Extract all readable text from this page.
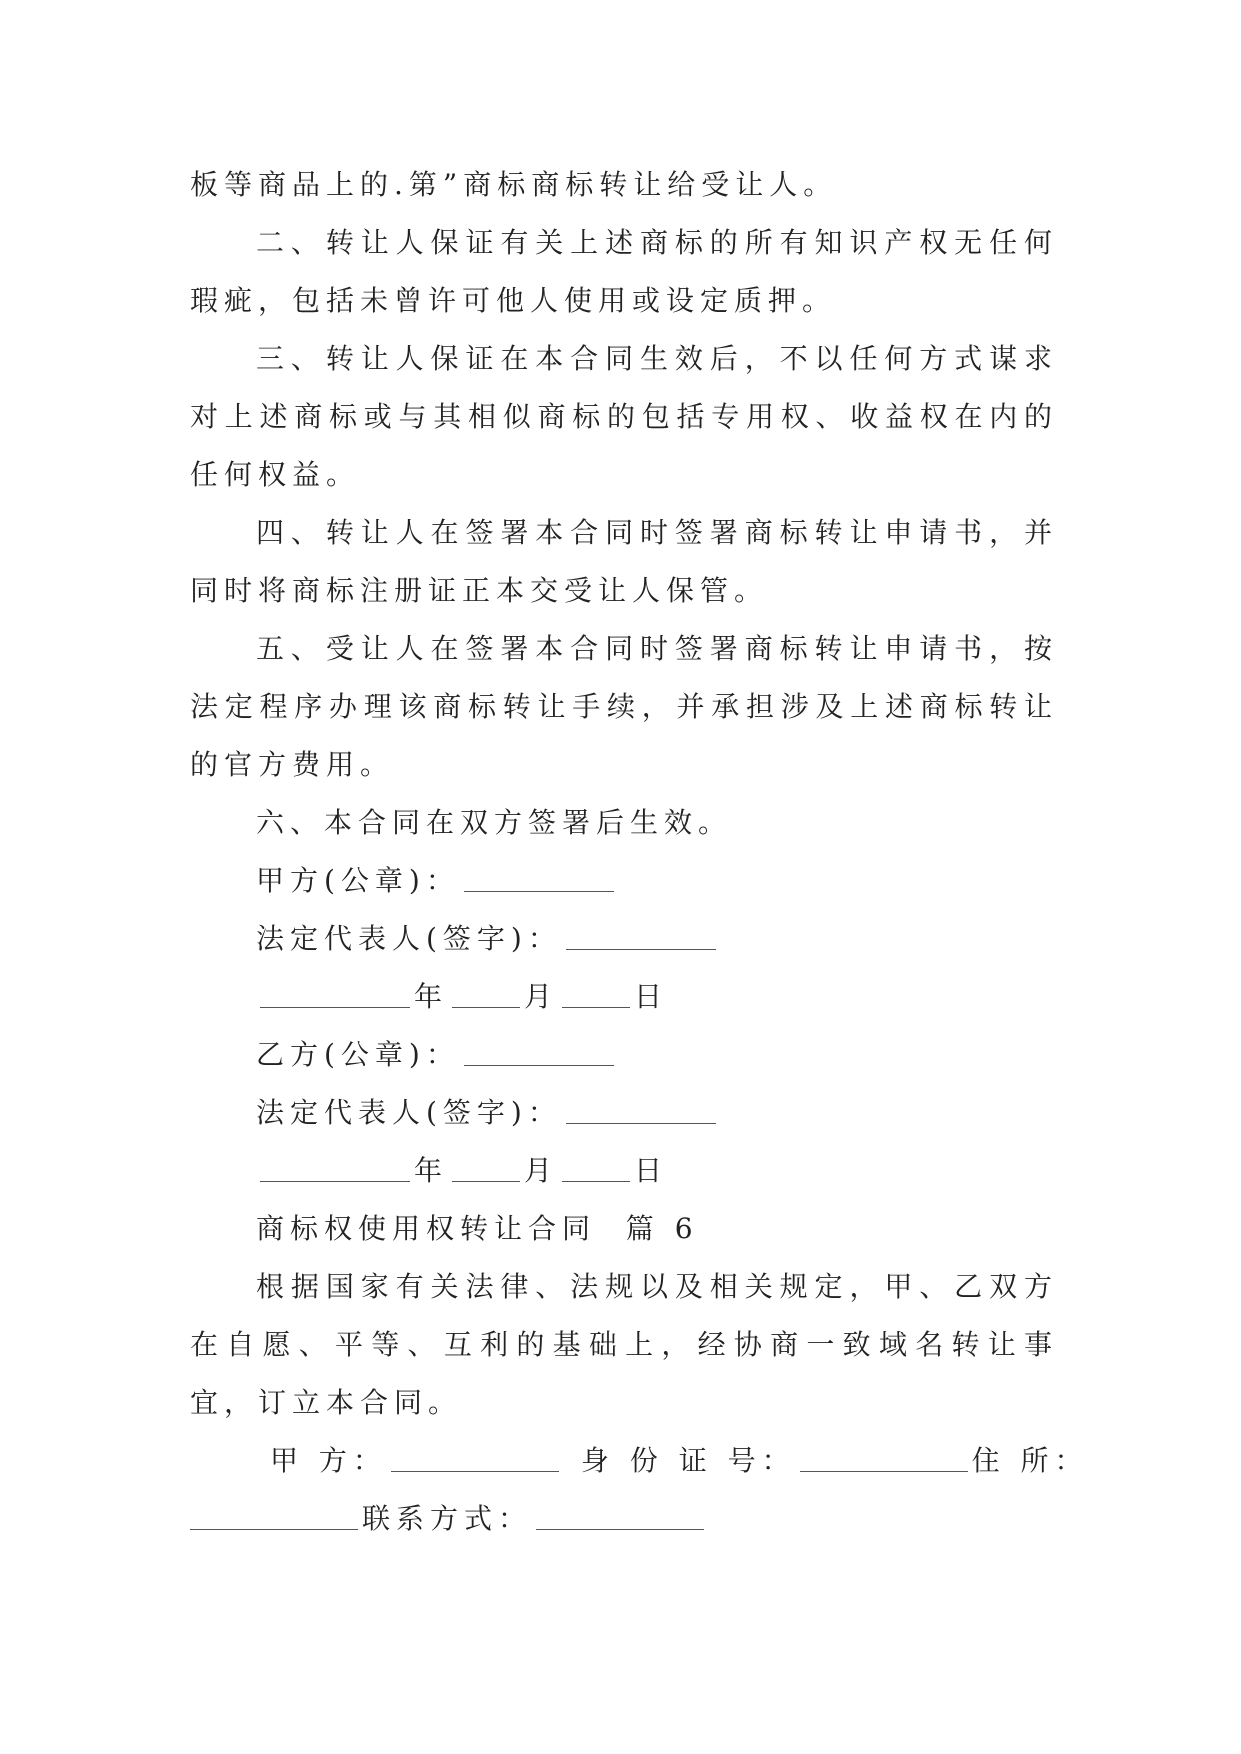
板等商品上的.第”商标商标转让给受让人。

二、转让人保证有关上述商标的所有知识产权无任何瑕疵，包括未曾许可他人使用或设定质押。

三、转让人保证在本合同生效后，不以任何方式谋求对上述商标或与其相似商标的包括专用权、收益权在内的任何权益。

四、转让人在签署本合同时签署商标转让申请书，并同时将商标注册证正本交受让人保管。

五、受让人在签署本合同时签署商标转让申请书，按法定程序办理该商标转让手续，并承担涉及上述商标转让的官方费用。

六、本合同在双方签署后生效。

甲方(公章)：

法定代表人(签字)：

年	月	日

乙方(公章)：

法定代表人(签字)：

年	月	日

商标权使用权转让合同  篇 6

根据国家有关法律、法规以及相关规定，甲、乙双方在自愿、平等、互利的基础上，经协商一致域名转让事宜，订立本合同。

甲 方：	身 份 证 号：	住 所：

联系方式：
